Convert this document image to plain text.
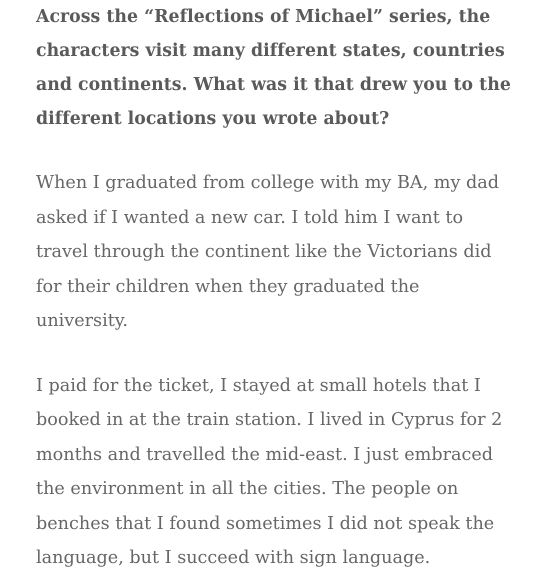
Across the “Reflections of Michael” series, the characters visit many different states, countries and continents. What was it that drew you to the different locations you wrote about?

When I graduated from college with my BA, my dad asked if I wanted a new car. I told him I want to travel through the continent like the Victorians did for their children when they graduated the university.

I paid for the ticket, I stayed at small hotels that I booked in at the train station. I lived in Cyprus for 2 months and travelled the mid-east. I just embraced the environment in all the cities. The people on benches that I found sometimes I did not speak the language, but I succeed with sign language.
